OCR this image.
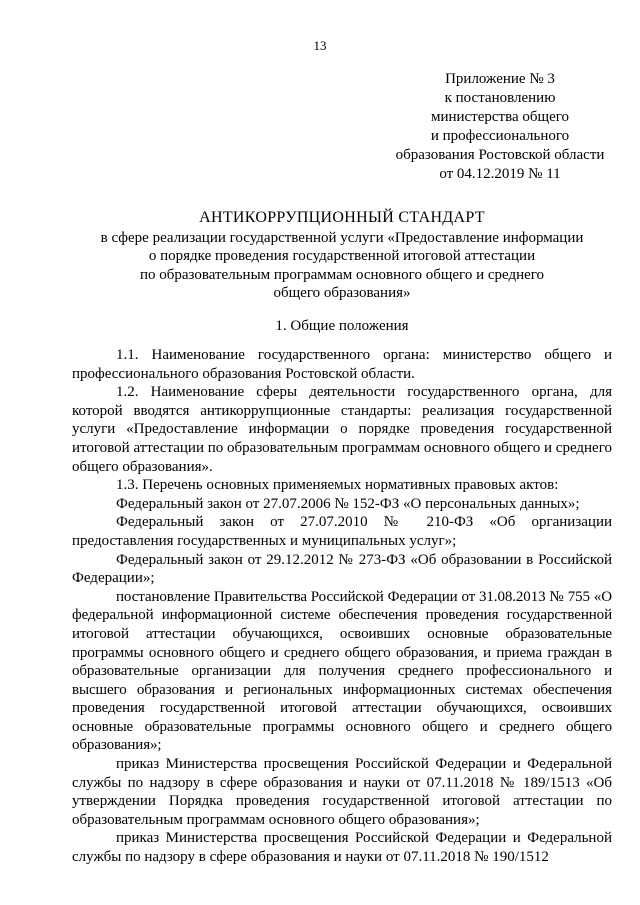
13
Приложение № 3
к постановлению
министерства общего
и профессионального
образования Ростовской области
от 04.12.2019 № 11
АНТИКОРРУПЦИОННЫЙ СТАНДАРТ
в сфере реализации государственной услуги «Предоставление информации
о порядке проведения государственной итоговой аттестации
по образовательным программам основного общего и среднего
общего образования»
1. Общие положения

1.1. Наименование государственного органа: министерство общего и профессионального образования Ростовской области.

1.2. Наименование сферы деятельности государственного органа, для которой вводятся антикоррупционные стандарты: реализация государственной услуги «Предоставление информации о порядке проведения государственной итоговой аттестации по образовательным программам основного общего и среднего общего образования».

1.3. Перечень основных применяемых нормативных правовых актов:

Федеральный закон от 27.07.2006 № 152-ФЗ «О персональных данных»;

Федеральный закон от 27.07.2010 № 210-ФЗ «Об организации предоставления государственных и муниципальных услуг»;

Федеральный закон от 29.12.2012 № 273-ФЗ «Об образовании в Российской Федерации»;

постановление Правительства Российской Федерации от 31.08.2013 № 755 «О федеральной информационной системе обеспечения проведения государственной итоговой аттестации обучающихся, освоивших основные образовательные программы основного общего и среднего общего образования, и приема граждан в образовательные организации для получения среднего профессионального и высшего образования и региональных информационных системах обеспечения проведения государственной итоговой аттестации обучающихся, освоивших основные образовательные программы основного общего и среднего общего образования»;

приказ Министерства просвещения Российской Федерации и Федеральной службы по надзору в сфере образования и науки от 07.11.2018 № 189/1513 «Об утверждении Порядка проведения государственной итоговой аттестации по образовательным программам основного общего образования»;

приказ Министерства просвещения Российской Федерации и Федеральной службы по надзору в сфере образования и науки от 07.11.2018 № 190/1512
